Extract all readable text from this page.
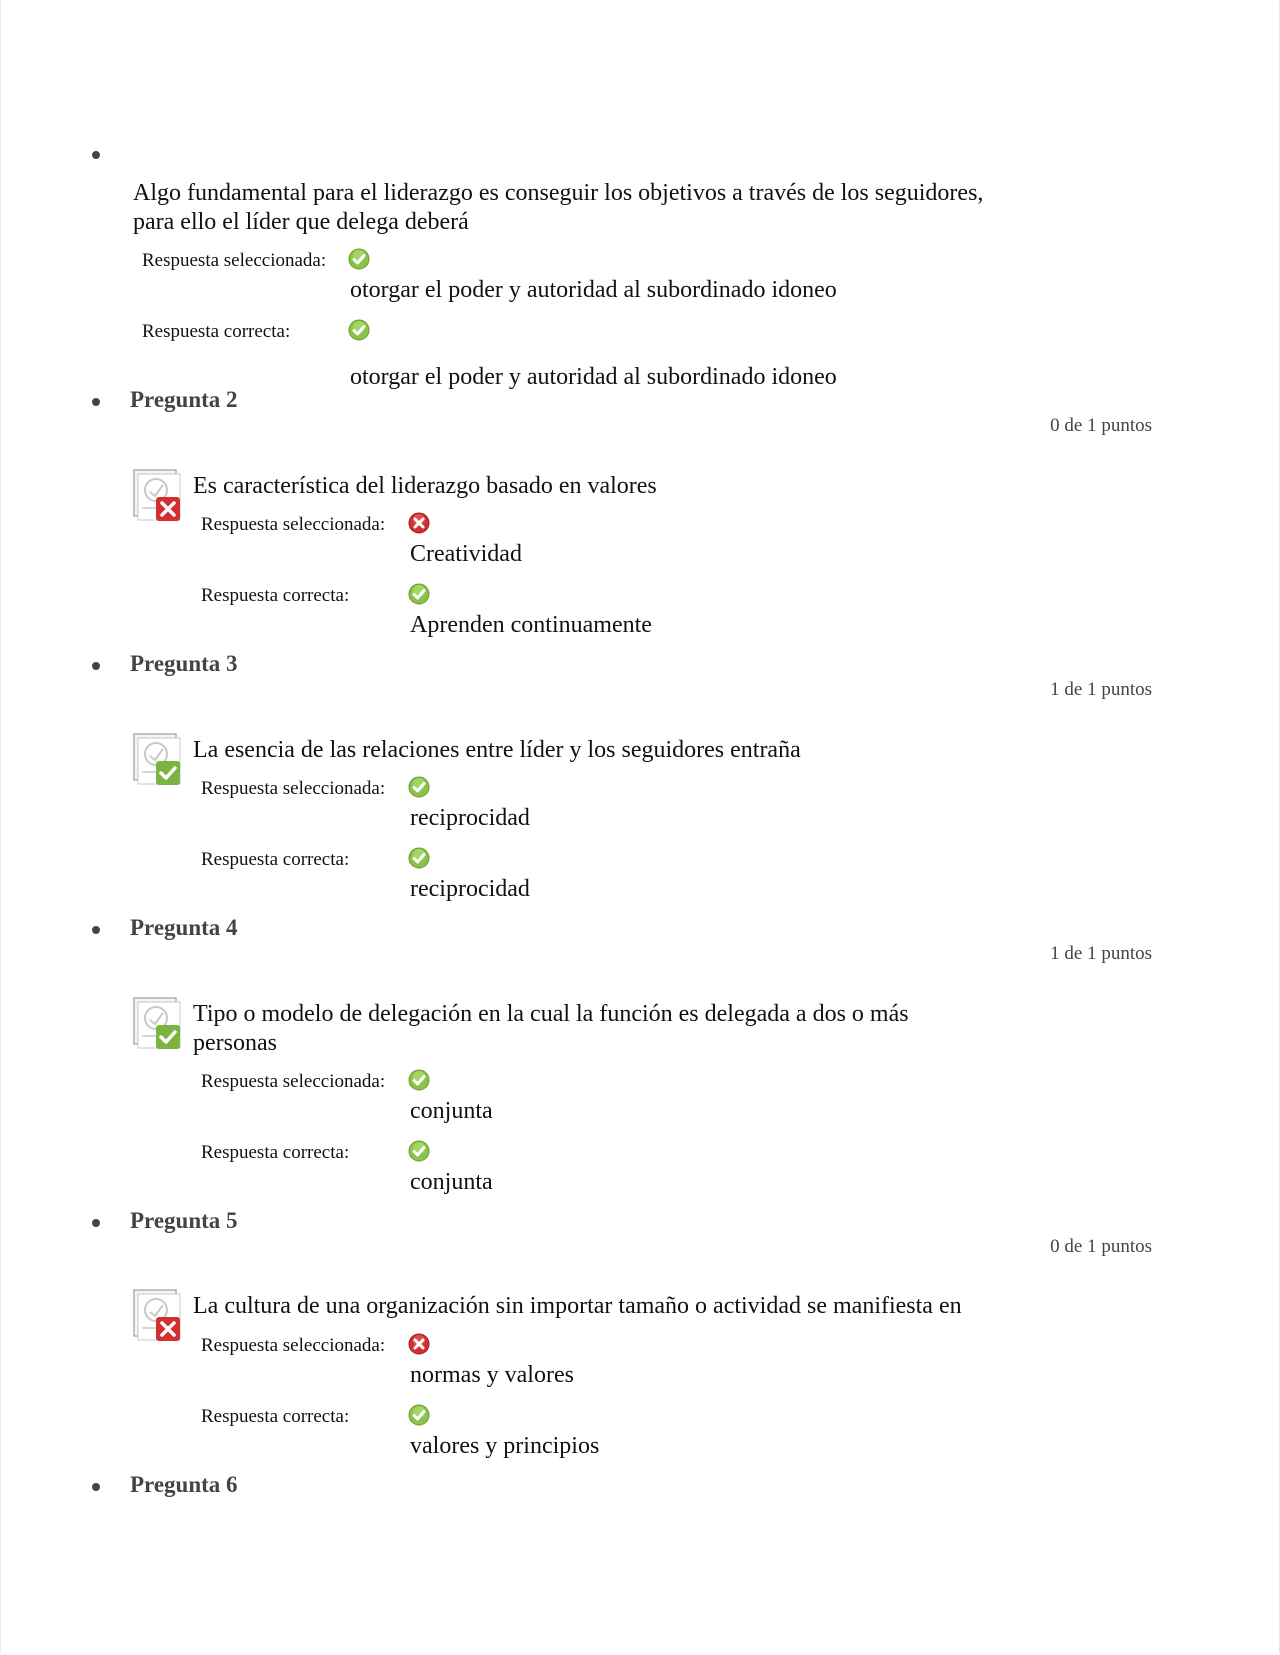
Algo fundamental para el liderazgo es conseguir los objetivos a través de los seguidores,
para ello el líder que delega deberá
Respuesta seleccionada:
otorgar el poder y autoridad al subordinado idoneo
Respuesta correcta:
otorgar el poder y autoridad al subordinado idoneo
Pregunta 2
0 de 1 puntos
Es característica del liderazgo basado en valores
Respuesta seleccionada:
Creatividad
Respuesta correcta:
Aprenden continuamente
Pregunta 3
1 de 1 puntos
La esencia de las relaciones entre líder y los seguidores entraña
Respuesta seleccionada:
reciprocidad
Respuesta correcta:
reciprocidad
Pregunta 4
1 de 1 puntos
Tipo o modelo de delegación en la cual la función es delegada a dos o más
personas
Respuesta seleccionada:
conjunta
Respuesta correcta:
conjunta
Pregunta 5
0 de 1 puntos
La cultura de una organización sin importar tamaño o actividad se manifiesta en
Respuesta seleccionada:
normas y valores
Respuesta correcta:
valores y principios
Pregunta 6
